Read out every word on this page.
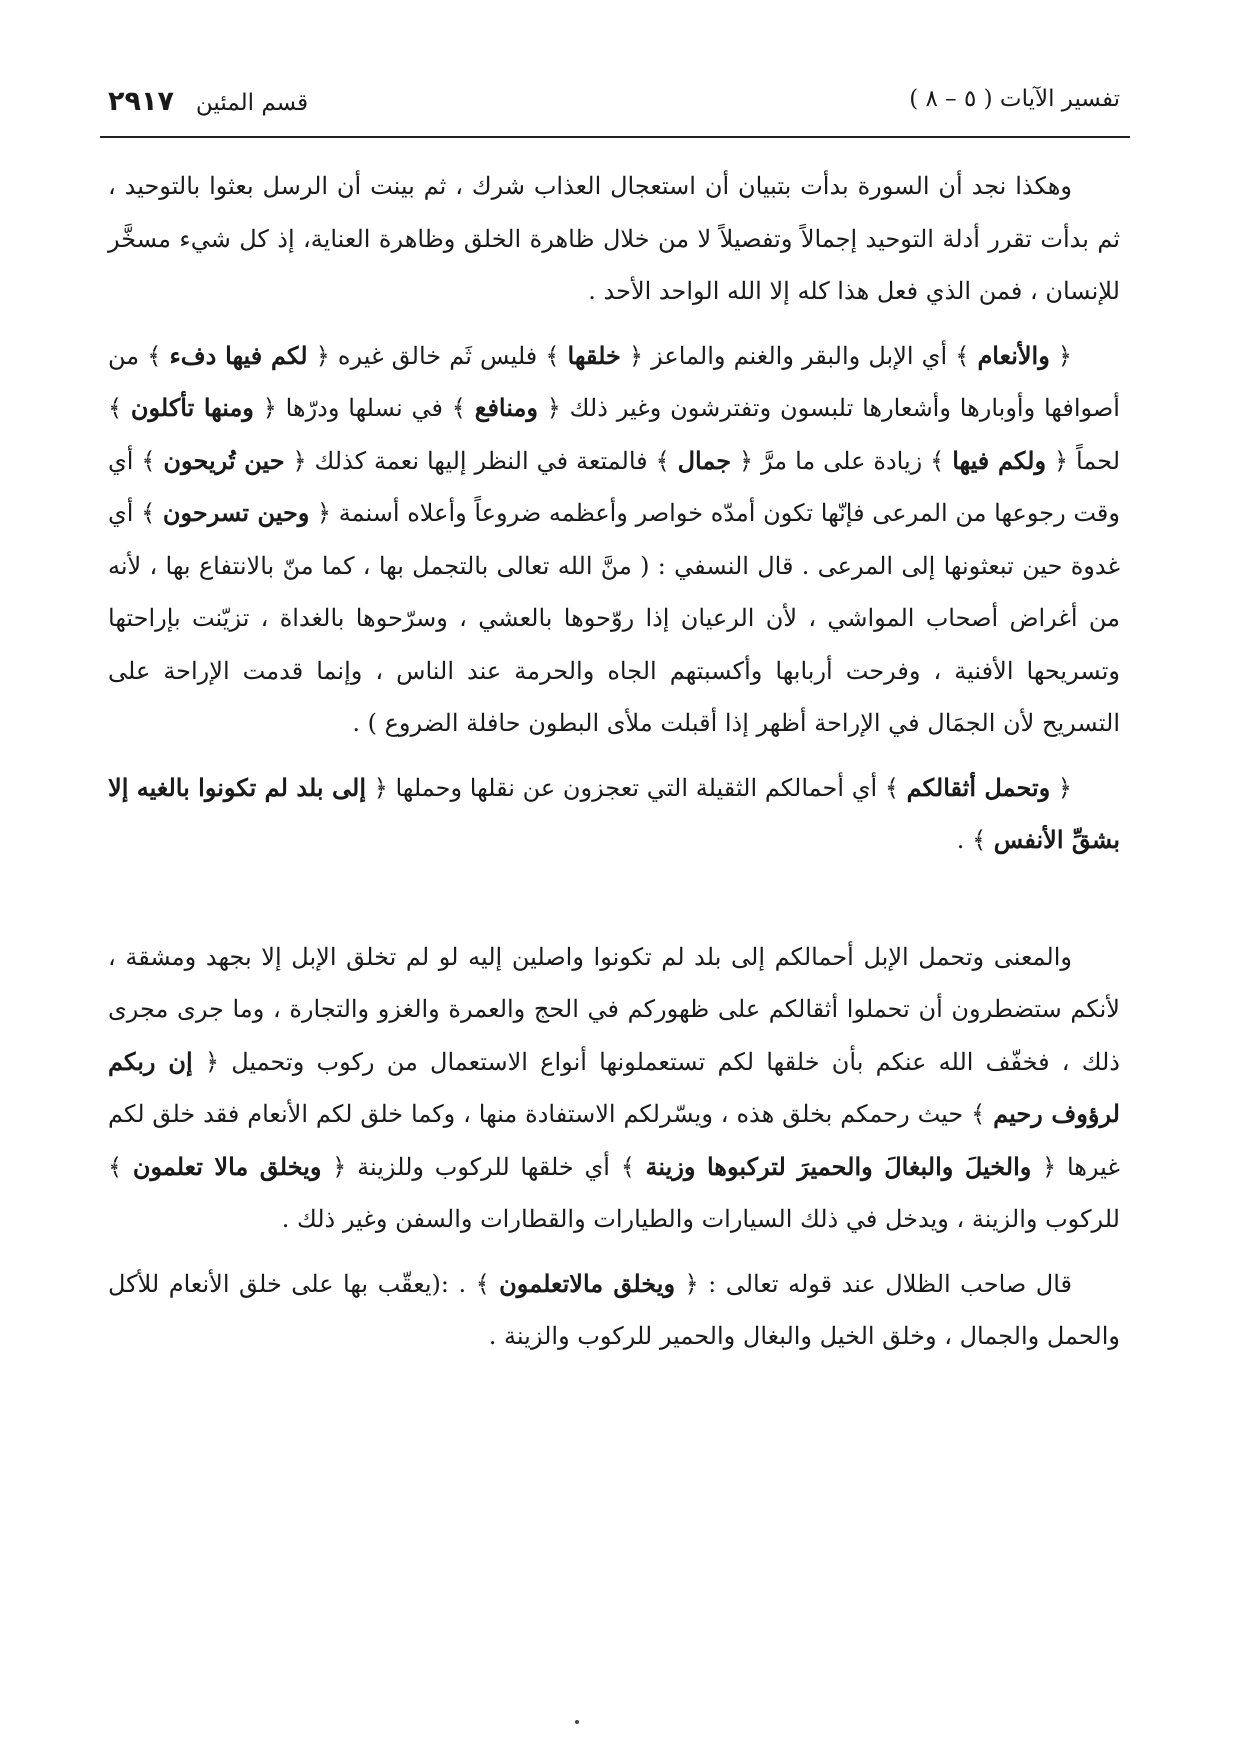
تفسير الآيات ( ٥ – ٨ )
قسم المئين
٢٩١٧

وهكذا نجد أن السورة بدأت بتبيان أن استعجال العذاب شرك ، ثم بينت أن الرسل بعثوا بالتوحيد ، ثم بدأت تقرر أدلة التوحيد إجمالاً وتفصيلاً لا من خلال ظاهرة الخلق وظاهرة العناية، إذ كل شيء مسخَّر للإنسان ، فمن الذي فعل هذا كله إلا الله الواحد الأحد .

﴿ والأنعام ﴾ أي الإبل والبقر والغنم والماعز ﴿ خلقها ﴾ فليس ثَم خالق غيره ﴿ لكم فيها دفء ﴾ من أصوافها وأوبارها وأشعارها تلبسون وتفترشون وغير ذلك ﴿ ومنافع ﴾ في نسلها ودرّها ﴿ ومنها تأكلون ﴾ لحماً ﴿ ولكم فيها ﴾ زيادة على ما مرَّ ﴿ جمال ﴾ فالمتعة في النظر إليها نعمة كذلك ﴿ حين تُريحون ﴾ أي وقت رجوعها من المرعى فإنّها تكون أمدّه خواصر وأعظمه ضروعاً وأعلاه أسنمة ﴿ وحين تسرحون ﴾ أي غدوة حين تبعثونها إلى المرعى . قال النسفي : ( منَّ الله تعالى بالتجمل بها ، كما منّ بالانتفاع بها ، لأنه من أغراض أصحاب المواشي ، لأن الرعيان إذا روّحوها بالعشي ، وسرّحوها بالغداة ، تزيّنت بإراحتها وتسريحها الأفنية ، وفرحت أربابها وأكسبتهم الجاه والحرمة عند الناس ، وإنما قدمت الإراحة على التسريح لأن الجمَال في الإراحة أظهر إذا أقبلت ملأى البطون حافلة الضروع ) .

﴿ وتحمل أثقالكم ﴾ أي أحمالكم الثقيلة التي تعجزون عن نقلها وحملها ﴿ إلى بلد لم تكونوا بالغيه إلا بشقِّ الأنفس ﴾ .

والمعنى وتحمل الإبل أحمالكم إلى بلد لم تكونوا واصلين إليه لو لم تخلق الإبل إلا بجهد ومشقة ، لأنكم ستضطرون أن تحملوا أثقالكم على ظهوركم في الحج والعمرة والغزو والتجارة ، وما جرى مجرى ذلك ، فخفّف الله عنكم بأن خلقها لكم تستعملونها أنواع الاستعمال من ركوب وتحميل ﴿ إن ربكم لرؤوف رحيم ﴾ حيث رحمكم بخلق هذه ، ويسّرلكم الاستفادة منها ، وكما خلق لكم الأنعام فقد خلق لكم غيرها ﴿ والخيلَ والبغالَ والحميرَ لتركبوها وزينة ﴾ أي خلقها للركوب وللزينة ﴿ ويخلق مالا تعلمون ﴾ للركوب والزينة ، ويدخل في ذلك السيارات والطيارات والقطارات والسفن وغير ذلك .

قال صاحب الظلال عند قوله تعالى : ﴿ ويخلق مالاتعلمون ﴾ . :(يعقّب بها على خلق الأنعام للأكل والحمل والجمال ، وخلق الخيل والبغال والحمير للركوب والزينة .
